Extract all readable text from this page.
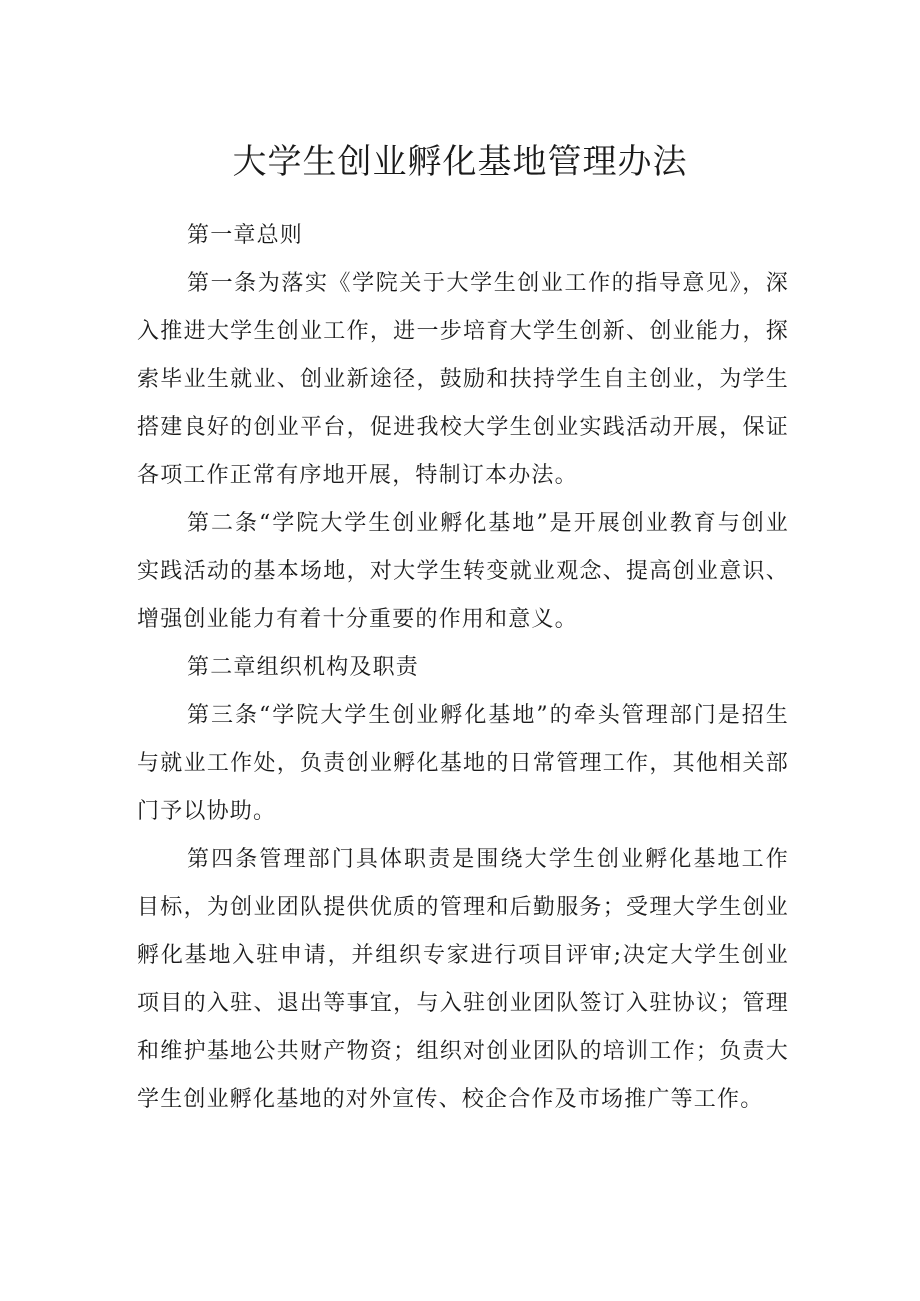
大学生创业孵化基地管理办法

第一章总则

第一条为落实《学院关于大学生创业工作的指导意见》，深入推进大学生创业工作，进一步培育大学生创新、创业能力，探索毕业生就业、创业新途径，鼓励和扶持学生自主创业，为学生搭建良好的创业平台，促进我校大学生创业实践活动开展，保证各项工作正常有序地开展，特制订本办法。

第二条“学院大学生创业孵化基地”是开展创业教育与创业实践活动的基本场地，对大学生转变就业观念、提高创业意识、增强创业能力有着十分重要的作用和意义。

第二章组织机构及职责

第三条“学院大学生创业孵化基地”的牵头管理部门是招生与就业工作处，负责创业孵化基地的日常管理工作，其他相关部门予以协助。

第四条管理部门具体职责是围绕大学生创业孵化基地工作目标，为创业团队提供优质的管理和后勤服务；受理大学生创业孵化基地入驻申请，并组织专家进行项目评审;决定大学生创业项目的入驻、退出等事宜，与入驻创业团队签订入驻协议；管理和维护基地公共财产物资；组织对创业团队的培训工作；负责大学生创业孵化基地的对外宣传、校企合作及市场推广等工作。
